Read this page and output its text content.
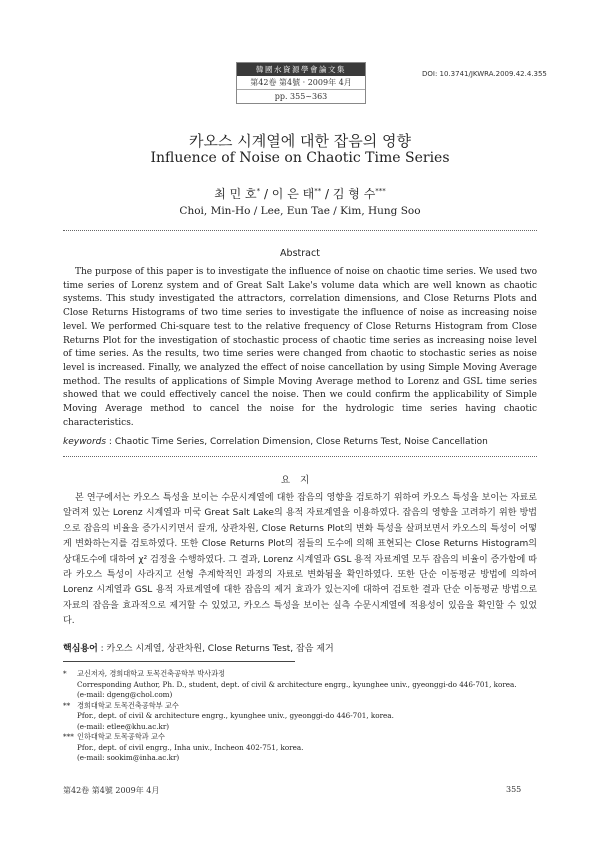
韓國水資源學會論文集
第42卷 第4號 · 2009年 4月
pp. 355~363
DOI: 10.3741/JKWRA.2009.42.4.355
카오스 시계열에 대한 잡음의 영향
Influence of Noise on Chaotic Time Series
최 민 호* / 이 은 태** / 김 형 수***
Choi, Min-Ho / Lee, Eun Tae / Kim, Hung Soo
Abstract

The purpose of this paper is to investigate the influence of noise on chaotic time series. We used two time series of Lorenz system and of Great Salt Lake's volume data which are well known as chaotic systems. This study investigated the attractors, correlation dimensions, and Close Returns Plots and Close Returns Histograms of two time series to investigate the influence of noise as increasing noise level. We performed Chi-square test to the relative frequency of Close Returns Histogram from Close Returns Plot for the investigation of stochastic process of chaotic time series as increasing noise level of time series. As the results, two time series were changed from chaotic to stochastic series as noise level is increased. Finally, we analyzed the effect of noise cancellation by using Simple Moving Average method. The results of applications of Simple Moving Average method to Lorenz and GSL time series showed that we could effectively cancel the noise. Then we could confirm the applicability of Simple Moving Average method to cancel the noise for the hydrologic time series having chaotic characteristics.

keywords : Chaotic Time Series, Correlation Dimension, Close Returns Test, Noise Cancellation
요지

본 연구에서는 카오스 특성을 보이는 수문시계열에 대한 잡음의 영향을 검토하기 위하여 카오스 특성을 보이는 자료로 알려져 있는 Lorenz 시계열과 미국 Great Salt Lake의 용적 자료계열을 이용하였다. 잡음의 영향을 고려하기 위한 방법으로 잡음의 비율을 증가시키면서 끌개, 상관차원, Close Returns Plot의 변화 특성을 살펴보면서 카오스의 특성이 어떻게 변화하는지를 검토하였다. 또한 Close Returns Plot의 점들의 도수에 의해 표현되는 Close Returns Histogram의 상대도수에 대하여 χ² 검정을 수행하였다. 그 결과, Lorenz 시계열과 GSL 용적 자료계열 모두 잡음의 비율이 증가함에 따라 카오스 특성이 사라지고 선형 추계학적인 과정의 자료로 변화됨을 확인하였다. 또한 단순 이동평균 방법에 의하여 Lorenz 시계열과 GSL 용적 자료계열에 대한 잡음의 제거 효과가 있는지에 대하여 검토한 결과 단순 이동평균 방법으로 자료의 잡음을 효과적으로 제거할 수 있었고, 카오스 특성을 보이는 실측 수문시계열에 적용성이 있음을 확인할 수 있었다.

핵심용어 : 카오스 시계열, 상관차원, Close Returns Test, 잡음 제거
* 교신저자, 경희대학교 토목건축공학부 박사과정
Corresponding Author, Ph. D., student, dept. of civil & architecture engrg., kyunghee univ., gyeonggi-do 446-701, korea.
(e-mail: dgeng@chol.com)
** 경희대학교 토목건축공학부 교수
Pfor., dept. of civil & architecture engrg., kyunghee univ., gyeonggi-do 446-701, korea.
(e-mail: etlee@khu.ac.kr)
*** 인하대학교 토목공학과 교수
Pfor., dept. of civil engrg., Inha univ., Incheon 402-751, korea.
(e-mail: sookim@inha.ac.kr)
第42卷 第4號 2009年 4月	355
